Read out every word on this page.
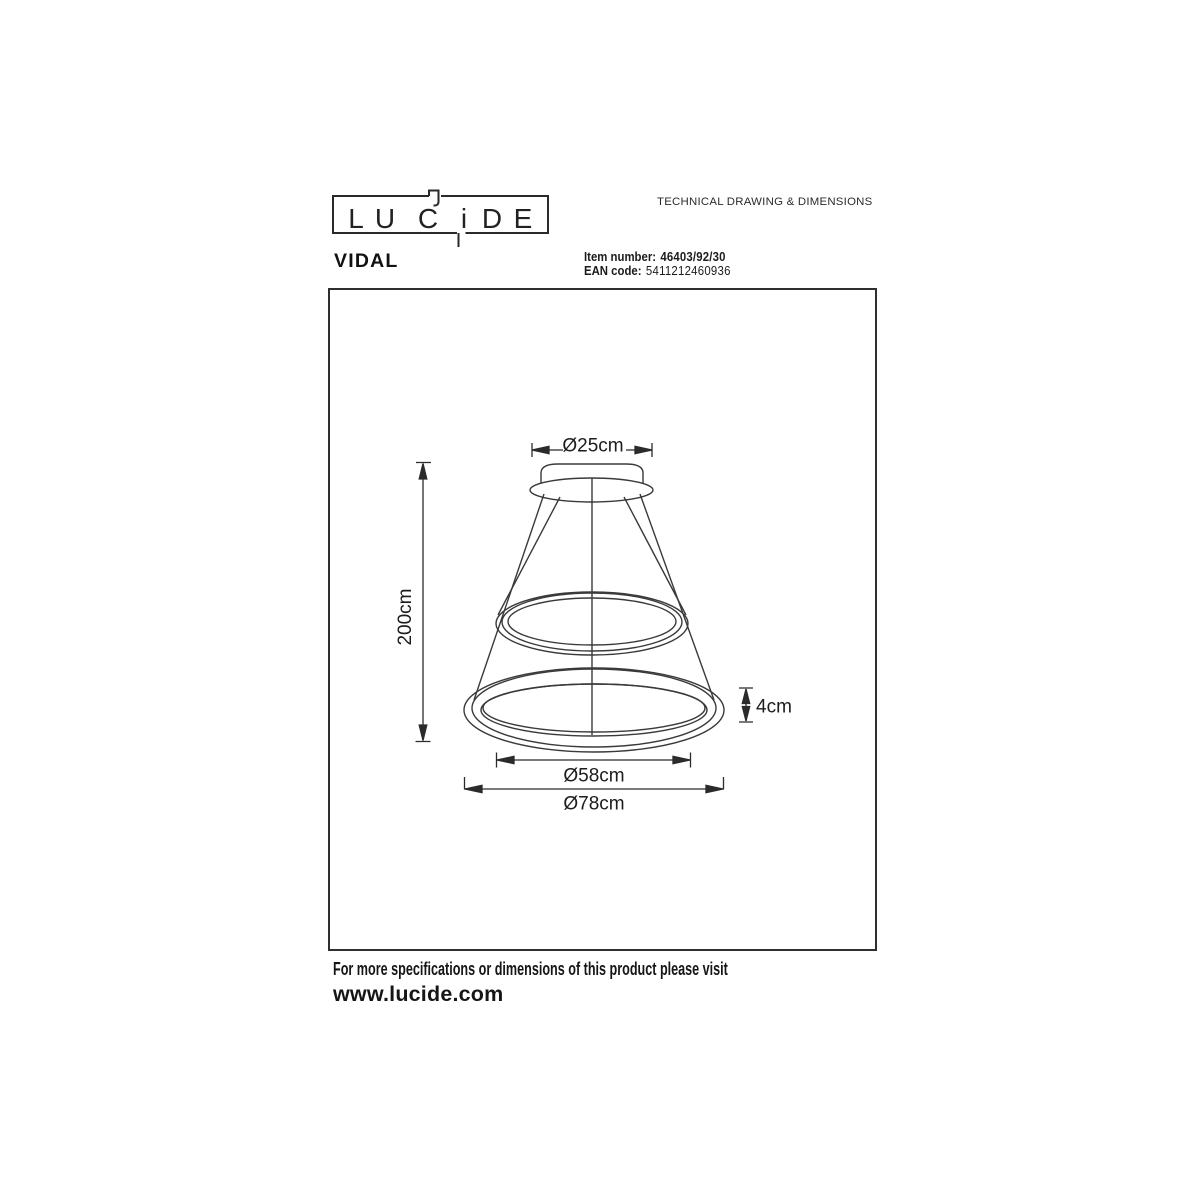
TECHNICAL DRAWING & DIMENSIONS
VIDAL	Item number: 46403/92/30
EAN code: 5411212460936
For more specifications or dimensions of this product please visit
www.lucide.com
L U C i D E
Ø25cm
200cm
4cm
Ø58cm
Ø78cm
